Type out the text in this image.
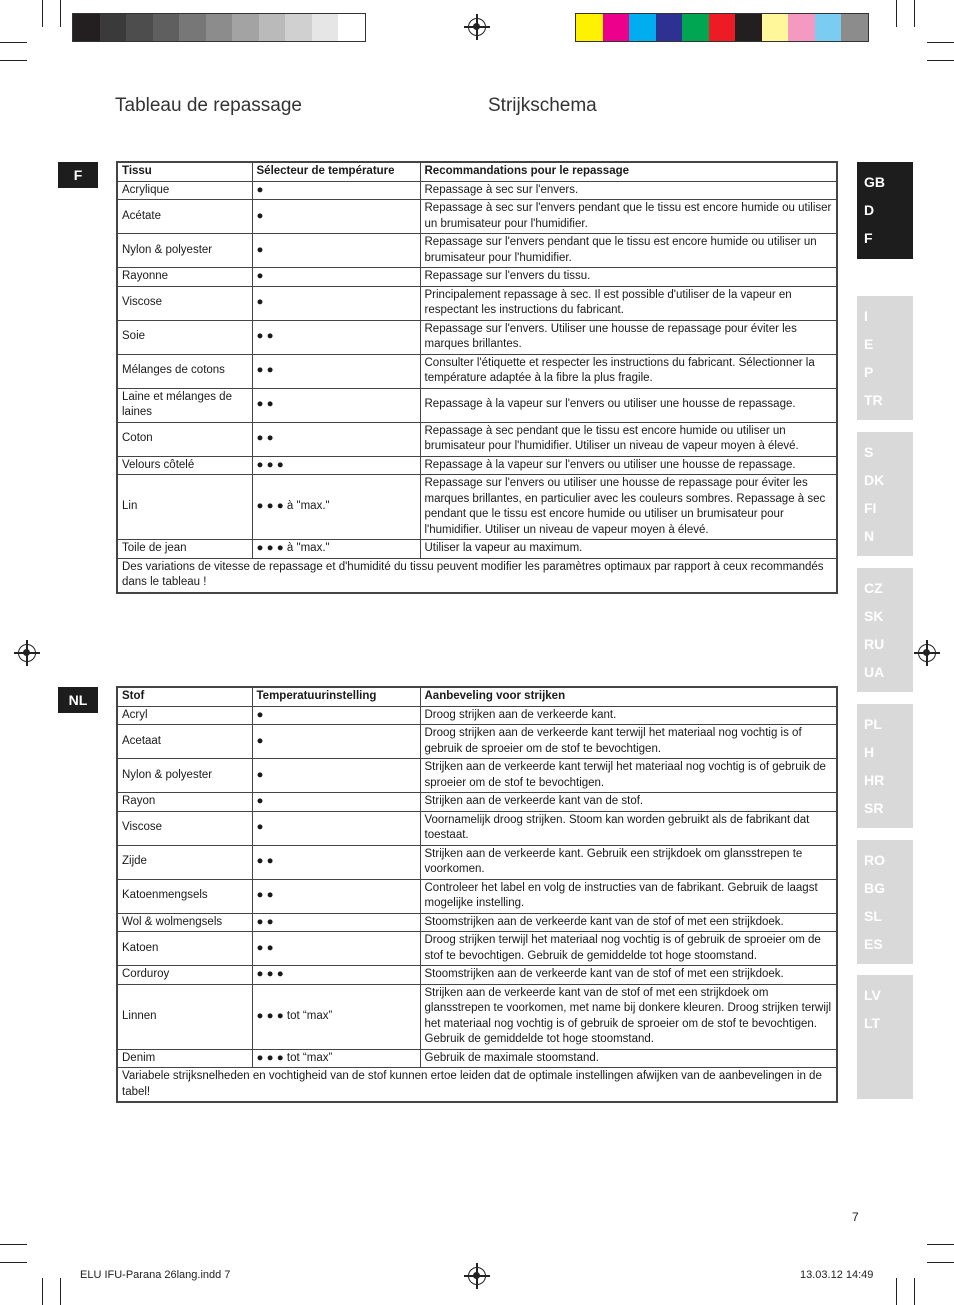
Tableau de repassage	Strijkschema
F	Tissu	Sélecteur de température	Recommandations pour le repassage
Acrylique	●	Repassage à sec sur l'envers.
Acétate	●	Repassage à sec sur l'envers pendant que le tissu est encore humide ou utiliser un brumisateur pour l'humidifier.
Nylon & polyester	●	Repassage sur l'envers pendant que le tissu est encore humide ou utiliser un brumisateur pour l'humidifier.
Rayonne	●	Repassage sur l'envers du tissu.
Viscose	●	Principalement repassage à sec. Il est possible d'utiliser de la vapeur en respectant les instructions du fabricant.
Soie	● ●	Repassage sur l'envers. Utiliser une housse de repassage pour éviter les marques brillantes.
Mélanges de cotons	● ●	Consulter l'étiquette et respecter les instructions du fabricant. Sélectionner la température adaptée à la fibre la plus fragile.
Laine et mélanges de laines	● ●	Repassage à la vapeur sur l'envers ou utiliser une housse de repassage.
Coton	● ●	Repassage à sec pendant que le tissu est encore humide ou utiliser un brumisateur pour l'humidifier. Utiliser un niveau de vapeur moyen à élevé.
Velours côtelé	● ● ●	Repassage à la vapeur sur l'envers ou utiliser une housse de repassage.
Lin	● ● ● à "max."	Repassage sur l'envers ou utiliser une housse de repassage pour éviter les marques brillantes, en particulier avec les couleurs sombres. Repassage à sec pendant que le tissu est encore humide ou utiliser un brumisateur pour l'humidifier. Utiliser un niveau de vapeur moyen à élevé.
Toile de jean	● ● ● à "max."	Utiliser la vapeur au maximum.
Des variations de vitesse de repassage et d'humidité du tissu peuvent modifier les paramètres optimaux par rapport à ceux recommandés dans le tableau !		
NL	Stof	Temperatuurinstelling	Aanbeveling voor strijken
Acryl	●	Droog strijken aan de verkeerde kant.
Acetaat	●	Droog strijken aan de verkeerde kant terwijl het materiaal nog vochtig is of gebruik de sproeier om de stof te bevochtigen.
Nylon & polyester	●	Strijken aan de verkeerde kant terwijl het materiaal nog vochtig is of gebruik de sproeier om de stof te bevochtigen.
Rayon	●	Strijken aan de verkeerde kant van de stof.
Viscose	●	Voornamelijk droog strijken. Stoom kan worden gebruikt als de fabrikant dat toestaat.
Zijde	● ●	Strijken aan de verkeerde kant. Gebruik een strijkdoek om glansstrepen te voorkomen.
Katoenmengsels	● ●	Controleer het label en volg de instructies van de fabrikant. Gebruik de laagst mogelijke instelling.
Wol & wolmengsels	● ●	Stoomstrijken aan de verkeerde kant van de stof of met een strijkdoek.
Katoen	● ●	Droog strijken terwijl het materiaal nog vochtig is of gebruik de sproeier om de stof te bevochtigen. Gebruik de gemiddelde tot hoge stoomstand.
Corduroy	● ● ●	Stoomstrijken aan de verkeerde kant van de stof of met een strijkdoek.
Linnen	● ● ● tot “max”	Strijken aan de verkeerde kant van de stof of met een strijkdoek om glansstrepen te voorkomen, met name bij donkere kleuren. Droog strijken terwijl het materiaal nog vochtig is of gebruik de sproeier om de stof te bevochtigen. Gebruik de gemiddelde tot hoge stoomstand.
Denim	● ● ● tot “max”	Gebruik de maximale stoomstand.
Variabele strijksnelheden en vochtigheid van de stof kunnen ertoe leiden dat de optimale instellingen afwijken van de aanbevelingen in de tabel!		
GB
D
F
NL
I
E
P
TR
S
DK
FI
N
CZ
SK
RU
UA
PL
H
HR
SR
RO
BG
SL
ES
LV
LT
7
ELU IFU-Parana 26lang.indd 7	13.03.12 14:49
